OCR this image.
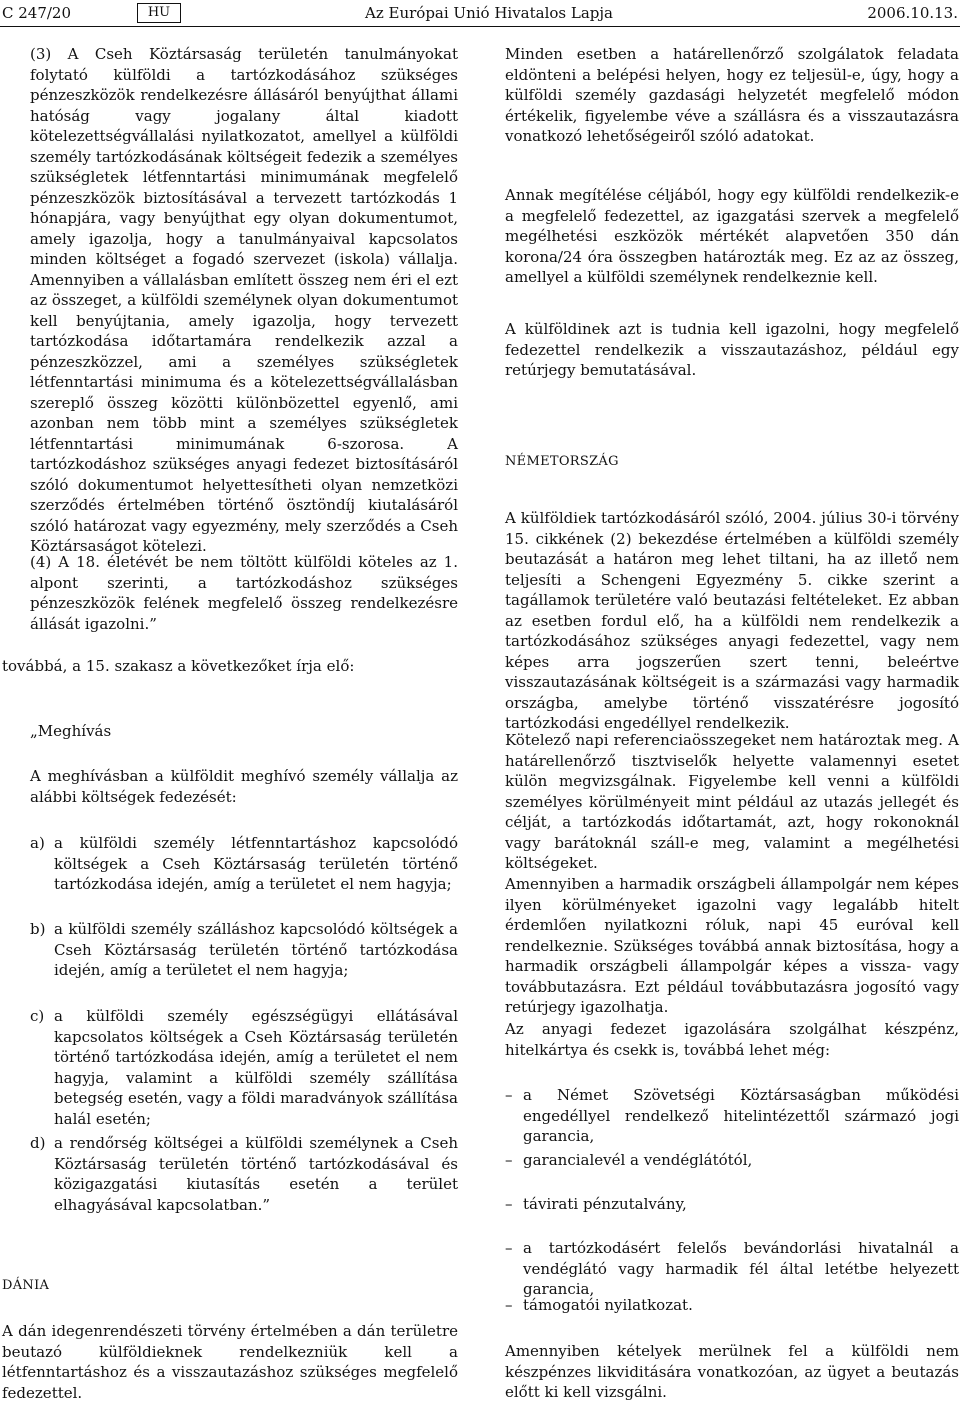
C 247/20	HU	Az Európai Unió Hivatalos Lapja	2006.10.13.

(3) A Cseh Köztársaság területén tanulmányokat folytató külföldi a tartózkodásához szükséges pénzeszközök rendelkezésre állásáról benyújthat állami hatóság vagy jogalany által kiadott kötelezettségvállalási nyilatkozatot, amellyel a külföldi személy tartózkodásának költségeit fedezik a személyes szükségletek létfenntartási minimumának megfelelő pénzeszközök biztosításával a tervezett tartózkodás 1 hónapjára, vagy benyújthat egy olyan dokumentumot, amely igazolja, hogy a tanulmányaival kapcsolatos minden költséget a fogadó szervezet (iskola) vállalja. Amennyiben a vállalásban említett összeg nem éri el ezt az összeget, a külföldi személynek olyan dokumentumot kell benyújtania, amely igazolja, hogy tervezett tartózkodása időtartamára rendelkezik azzal a pénzeszközzel, ami a személyes szükségletek létfenntartási minimuma és a kötelezettségvállalásban szereplő összeg közötti különbözettel egyenlő, ami azonban nem több mint a személyes szükségletek létfenntartási minimumának 6-szorosa. A tartózkodáshoz szükséges anyagi fedezet biztosításáról szóló dokumentumot helyettesítheti olyan nemzetközi szerződés értelmében történő ösztöndíj kiutalásáról szóló határozat vagy egyezmény, mely szerződés a Cseh Köztársaságot kötelezi.

(4) A 18. életévét be nem töltött külföldi köteles az 1. alpont szerinti, a tartózkodáshoz szükséges pénzeszközök felének megfelelő összeg rendelkezésre állását igazolni.”

továbbá, a 15. szakasz a következőket írja elő:

„Meghívás

A meghívásban a külföldit meghívó személy vállalja az alábbi költségek fedezését:

a) a külföldi személy létfenntartáshoz kapcsolódó költségek a Cseh Köztársaság területén történő tartózkodása idején, amíg a területet el nem hagyja;
b) a külföldi személy szálláshoz kapcsolódó költségek a Cseh Köztársaság területén történő tartózkodása idején, amíg a területet el nem hagyja;
c) a külföldi személy egészségügyi ellátásával kapcsolatos költségek a Cseh Köztársaság területén történő tartózkodása idején, amíg a területet el nem hagyja, valamint a külföldi személy szállítása betegség esetén, vagy a földi maradványok szállítása halál esetén;
d) a rendőrség költségei a külföldi személynek a Cseh Köztársaság területén történő tartózkodásával és közigazgatási kiutasítás esetén a terület elhagyásával kapcsolatban.”

DÁNIA

A dán idegenrendészeti törvény értelmében a dán területre beutazó külföldieknek rendelkezniük kell a létfenntartáshoz és a visszautazáshoz szükséges megfelelő fedezettel.

Minden esetben a határellenőrző szolgálatok feladata eldönteni a belépési helyen, hogy ez teljesül-e, úgy, hogy a külföldi személy gazdasági helyzetét megfelelő módon értékelik, figyelembe véve a szállásra és a visszautazásra vonatkozó lehetőségeiről szóló adatokat.

Annak megítélése céljából, hogy egy külföldi rendelkezik-e a megfelelő fedezettel, az igazgatási szervek a megfelelő megélhetési eszközök mértékét alapvetően 350 dán korona/24 óra összegben határozták meg. Ez az az összeg, amellyel a külföldi személynek rendelkeznie kell.

A külföldinek azt is tudnia kell igazolni, hogy megfelelő fedezettel rendelkezik a visszautazáshoz, például egy retúrjegy bemutatásával.

NÉMETORSZÁG

A külföldiek tartózkodásáról szóló, 2004. július 30-i törvény 15. cikkének (2) bekezdése értelmében a külföldi személy beutazását a határon meg lehet tiltani, ha az illető nem teljesíti a Schengeni Egyezmény 5. cikke szerint a tagállamok területére való beutazási feltételeket. Ez abban az esetben fordul elő, ha a külföldi nem rendelkezik a tartózkodásához szükséges anyagi fedezettel, vagy nem képes arra jogszerűen szert tenni, beleértve visszautazásának költségeit is a származási vagy harmadik országba, amelybe történő visszatérésre jogosító tartózkodási engedéllyel rendelkezik.

Kötelező napi referenciaösszegeket nem határoztak meg. A határellenőrző tisztviselők helyette valamennyi esetet külön megvizsgálnak. Figyelembe kell venni a külföldi személyes körülményeit mint például az utazás jellegét és célját, a tartózkodás időtartamát, azt, hogy rokonoknál vagy barátoknál száll-e meg, valamint a megélhetési költségeket.

Amennyiben a harmadik országbeli állampolgár nem képes ilyen körülményeket igazolni vagy legalább hitelt érdemlően nyilatkozni róluk, napi 45 euróval kell rendelkeznie. Szükséges továbbá annak biztosítása, hogy a harmadik országbeli állampolgár képes a vissza- vagy továbbutazásra. Ezt például továbbutazásra jogosító vagy retúrjegy igazolhatja.

Az anyagi fedezet igazolására szolgálhat készpénz, hitelkártya és csekk is, továbbá lehet még:

– a Német Szövetségi Köztársaságban működési engedéllyel rendelkező hitelintézettől származó jogi garancia,
– garancialevél a vendéglátótól,
– távirati pénzutalvány,
– a tartózkodásért felelős bevándorlási hivatalnál a vendéglátó vagy harmadik fél által letétbe helyezett garancia,
– támogatói nyilatkozat.

Amennyiben kételyek merülnek fel a külföldi nem készpénzes likviditására vonatkozóan, az ügyet a beutazás előtt ki kell vizsgálni.
